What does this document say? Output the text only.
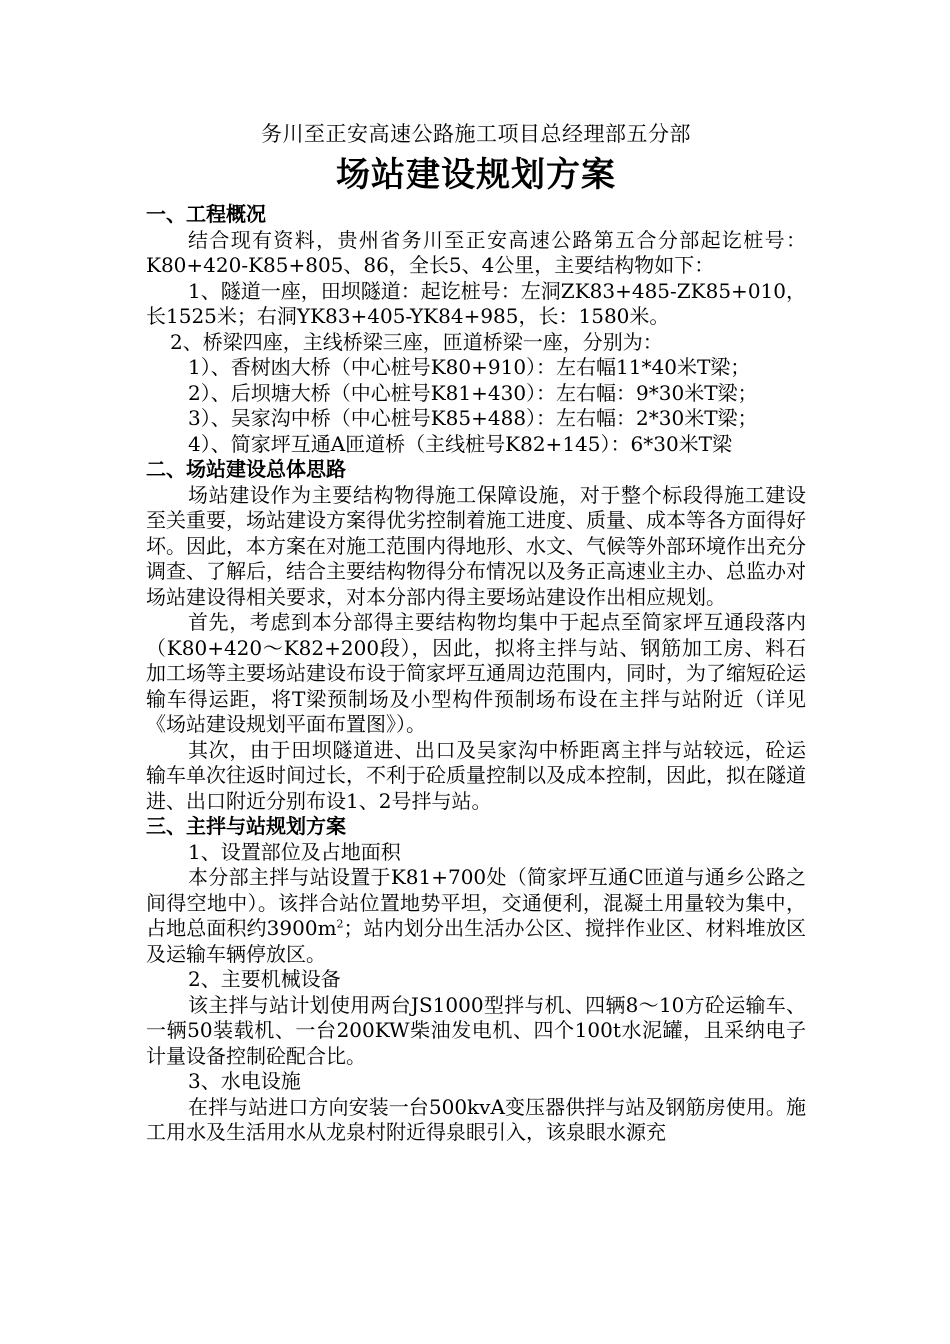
务川至正安高速公路施工项目总经理部五分部

场站建设规划方案
一、工程概况

结合现有资料，贵州省务川至正安高速公路第五合分部起讫桩号：K80+420-K85+805、86，全长5、4公里，主要结构物如下：

1、隧道一座，田坝隧道：起讫桩号：左洞ZK83+485-ZK85+010，长1525米；右洞YK83+405-YK84+985，长：1580米。

2、桥梁四座，主线桥梁三座，匝道桥梁一座，分别为：

1）、香树凼大桥（中心桩号K80+910）：左右幅11*40米T梁；

2）、后坝塘大桥（中心桩号K81+430）：左右幅：9*30米T梁；

3）、吴家沟中桥（中心桩号K85+488）：左右幅：2*30米T梁；

4）、简家坪互通A匝道桥（主线桩号K82+145）：6*30米T梁

二、场站建设总体思路

场站建设作为主要结构物得施工保障设施，对于整个标段得施工建设至关重要，场站建设方案得优劣控制着施工进度、质量、成本等各方面得好坏。因此，本方案在对施工范围内得地形、水文、气候等外部环境作出充分调查、了解后，结合主要结构物得分布情况以及务正高速业主办、总监办对场站建设得相关要求，对本分部内得主要场站建设作出相应规划。

首先，考虑到本分部得主要结构物均集中于起点至简家坪互通段落内（K80+420～K82+200段），因此，拟将主拌与站、钢筋加工房、料石加工场等主要场站建设布设于简家坪互通周边范围内，同时，为了缩短砼运输车得运距，将T梁预制场及小型构件预制场布设在主拌与站附近（详见《场站建设规划平面布置图》）。

其次，由于田坝隧道进、出口及吴家沟中桥距离主拌与站较远，砼运输车单次往返时间过长，不利于砼质量控制以及成本控制，因此，拟在隧道进、出口附近分别布设1、2号拌与站。

三、主拌与站规划方案

1、设置部位及占地面积

本分部主拌与站设置于K81+700处（简家坪互通C匝道与通乡公路之间得空地中）。该拌合站位置地势平坦，交通便利，混凝土用量较为集中，占地总面积约$3900m^2$；站内划分出生活办公区、搅拌作业区、材料堆放区及运输车辆停放区。

2、主要机械设备

该主拌与站计划使用两台JS1000型拌与机、四辆8～10方砼运输车、一辆50装载机、一台200KW柴油发电机、四个100t水泥罐，且采纳电子计量设备控制砼配合比。

3、水电设施

在拌与站进口方向安装一台500kvA变压器供拌与站及钢筋房使用。施工用水及生活用水从龙泉村附近得泉眼引入，该泉眼水源充
